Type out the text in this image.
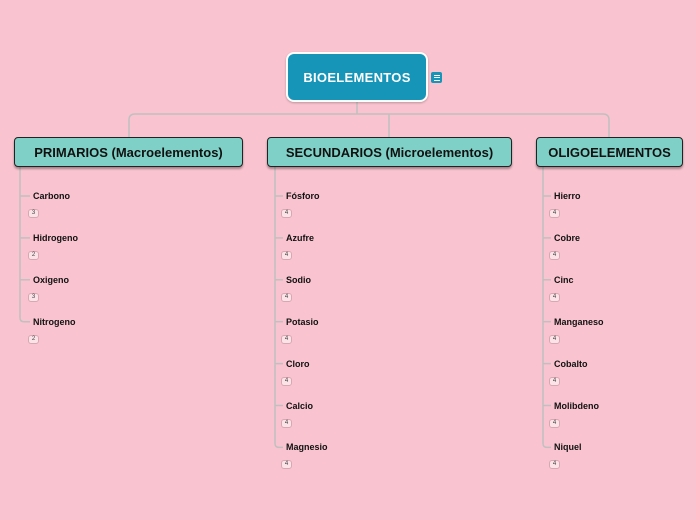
BIOELEMENTOS
PRIMARIOS (Macroelementos)	SECUNDARIOS (Microelementos)	OLIGOELEMENTOS
Carbono
3
Hidrogeno
2
Oxigeno
3
Nitrogeno
2
Fósforo
4
Azufre
4
Sodio
4
Potasio
4
Cloro
4
Calcio
4
Magnesio
4
Hierro
4
Cobre
4
Cinc
4
Manganeso
4
Cobalto
4
Molibdeno
4
Niquel
4
